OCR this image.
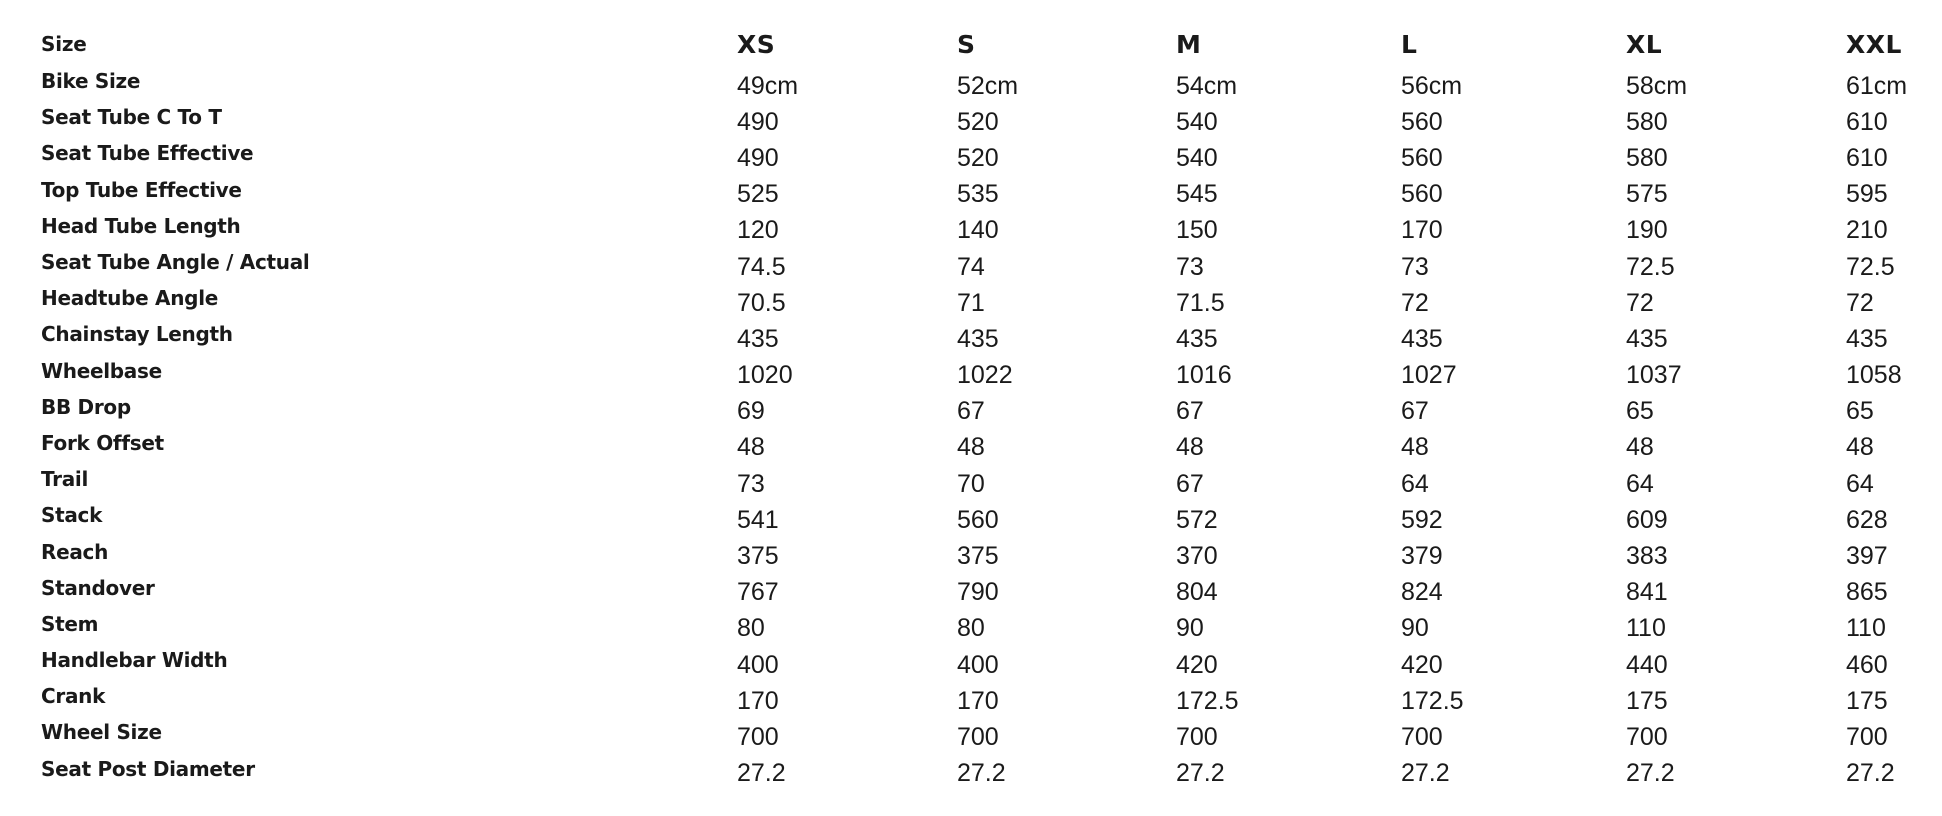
Size	XS	S	M	L	XL	XXL
Bike Size	49cm	52cm	54cm	56cm	58cm	61cm
Seat Tube C To T	490	520	540	560	580	610
Seat Tube Effective	490	520	540	560	580	610
Top Tube Effective	525	535	545	560	575	595
Head Tube Length	120	140	150	170	190	210
Seat Tube Angle / Actual	74.5	74	73	73	72.5	72.5
Headtube Angle	70.5	71	71.5	72	72	72
Chainstay Length	435	435	435	435	435	435
Wheelbase	1020	1022	1016	1027	1037	1058
BB Drop	69	67	67	67	65	65
Fork Offset	48	48	48	48	48	48
Trail	73	70	67	64	64	64
Stack	541	560	572	592	609	628
Reach	375	375	370	379	383	397
Standover	767	790	804	824	841	865
Stem	80	80	90	90	110	110
Handlebar Width	400	400	420	420	440	460
Crank	170	170	172.5	172.5	175	175
Wheel Size	700	700	700	700	700	700
Seat Post Diameter	27.2	27.2	27.2	27.2	27.2	27.2
